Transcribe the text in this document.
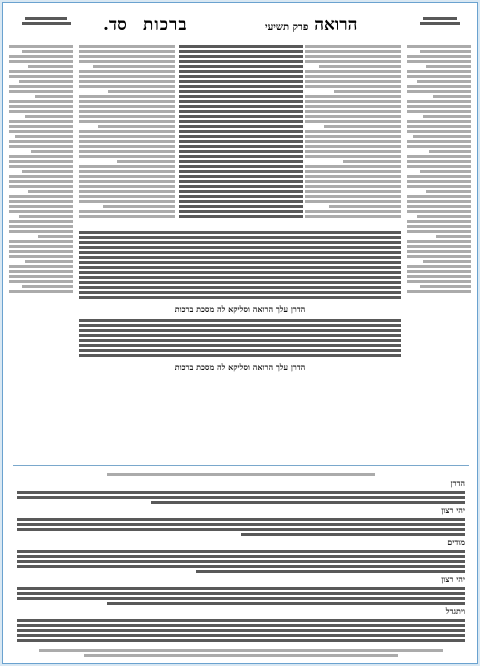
ברכות	הרואה פרק תשיעי
סד.
הדרן עלך הרואה וסליקא לה מסכת ברכות
הדרן עלך הרואה וסליקא לה מסכת ברכות
הדרן
יהי רצון
מודים
יהי רצון
ויתגדל
